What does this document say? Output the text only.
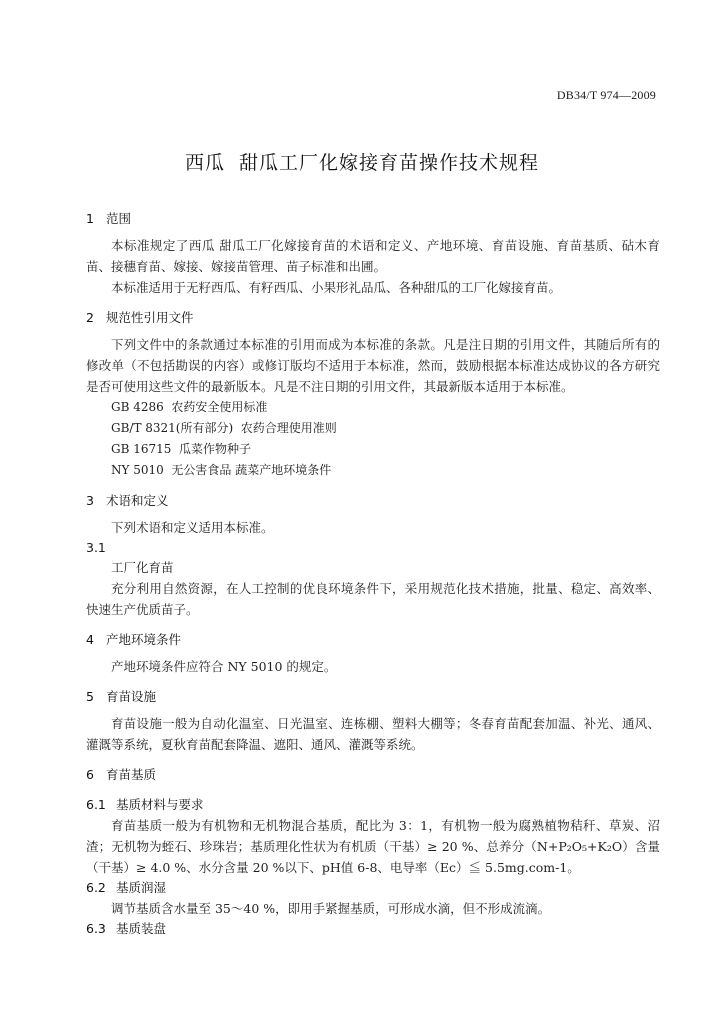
DB34/T 974—2009
西瓜  甜瓜工厂化嫁接育苗操作技术规程
1 范围

本标准规定了西瓜 甜瓜工厂化嫁接育苗的术语和定义、产地环境、育苗设施、育苗基质、砧木育苗、接穗育苗、嫁接、嫁接苗管理、苗子标准和出圃。

本标准适用于无籽西瓜、有籽西瓜、小果形礼品瓜、各种甜瓜的工厂化嫁接育苗。

2 规范性引用文件

下列文件中的条款通过本标准的引用而成为本标准的条款。凡是注日期的引用文件，其随后所有的修改单（不包括勘误的内容）或修订版均不适用于本标准，然而，鼓励根据本标准达成协议的各方研究是否可使用这些文件的最新版本。凡是不注日期的引用文件，其最新版本适用于本标准。

GB 4286  农药安全使用标准

GB/T 8321(所有部分)  农药合理使用准则

GB 16715  瓜菜作物种子

NY 5010  无公害食品 蔬菜产地环境条件

3 术语和定义

下列术语和定义适用本标准。

3.1

工厂化育苗

充分利用自然资源，在人工控制的优良环境条件下，采用规范化技术措施，批量、稳定、高效率、快速生产优质苗子。

4 产地环境条件

产地环境条件应符合 NY 5010 的规定。

5 育苗设施

育苗设施一般为自动化温室、日光温室、连栋棚、塑料大棚等；冬春育苗配套加温、补光、通风、灌溉等系统，夏秋育苗配套降温、遮阳、通风、灌溉等系统。

6 育苗基质
6.1 基质材料与要求

育苗基质一般为有机物和无机物混合基质，配比为 3：1，有机物一般为腐熟植物秸秆、草炭、沼渣；无机物为蛭石、珍珠岩；基质理化性状为有机质（干基）≥ 20 %、总养分（N+P₂O₅+K₂O）含量（干基）≥ 4.0 %、水分含量 20 %以下、pH值 6-8、电导率（Ec）≦ 5.5mg.com-1。

6.2 基质润湿

调节基质含水量至 35～40 %，即用手紧握基质，可形成水滴，但不形成流滴。

6.3 基质装盘
